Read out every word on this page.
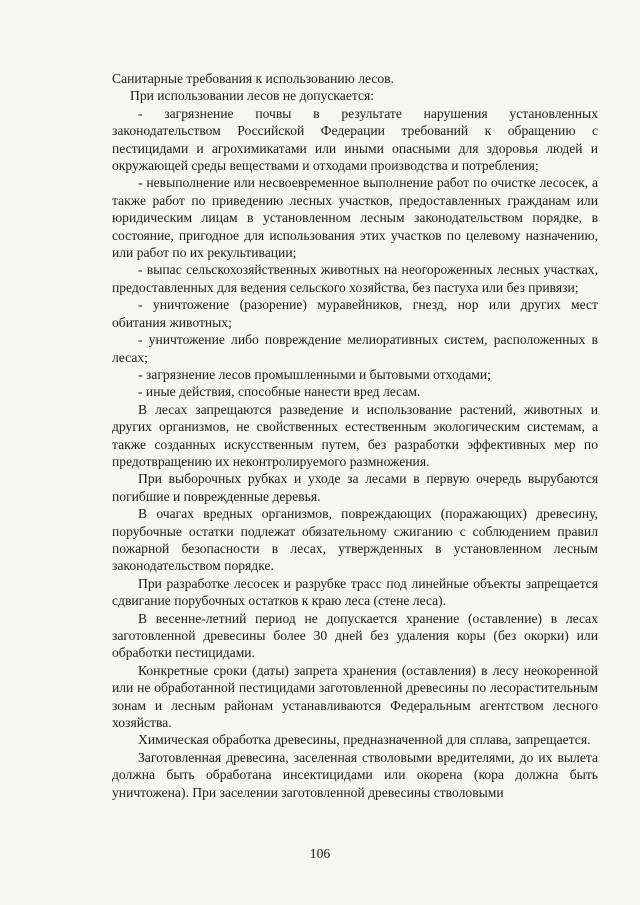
Санитарные требования к использованию лесов.

При использовании лесов не допускается:

- загрязнение почвы в результате нарушения установленных законодательством Российской Федерации требований к обращению с пестицидами и агрохимикатами или иными опасными для здоровья людей и окружающей среды веществами и отходами производства и потребления;

- невыполнение или несвоевременное выполнение работ по очистке лесосек, а также работ по приведению лесных участков, предоставленных гражданам или юридическим лицам в установленном лесным законодательством порядке, в состояние, пригодное для использования этих участков по целевому назначению, или работ по их рекультивации;

- выпас сельскохозяйственных животных на неогороженных лесных участках, предоставленных для ведения сельского хозяйства, без пастуха или без привязи;

- уничтожение (разорение) муравейников, гнезд, нор или других мест обитания животных;

- уничтожение либо повреждение мелиоративных систем, расположенных в лесах;

- загрязнение лесов промышленными и бытовыми отходами;

- иные действия, способные нанести вред лесам.

В лесах запрещаются разведение и использование растений, животных и других организмов, не свойственных естественным экологическим системам, а также созданных искусственным путем, без разработки эффективных мер по предотвращению их неконтролируемого размножения.

При выборочных рубках и уходе за лесами в первую очередь вырубаются погибшие и поврежденные деревья.

В очагах вредных организмов, повреждающих (поражающих) древесину, порубочные остатки подлежат обязательному сжиганию с соблюдением правил пожарной безопасности в лесах, утвержденных в установленном лесным законодательством порядке.

При разработке лесосек и разрубке трасс под линейные объекты запрещается сдвигание порубочных остатков к краю леса (стене леса).

В весенне-летний период не допускается хранение (оставление) в лесах заготовленной древесины более 30 дней без удаления коры (без окорки) или обработки пестицидами.

Конкретные сроки (даты) запрета хранения (оставления) в лесу неокоренной или не обработанной пестицидами заготовленной древесины по лесорастительным зонам и лесным районам устанавливаются Федеральным агентством лесного хозяйства.

Химическая обработка древесины, предназначенной для сплава, запрещается.

Заготовленная древесина, заселенная стволовыми вредителями, до их вылета должна быть обработана инсектицидами или окорена (кора должна быть уничтожена). При заселении заготовленной древесины стволовыми

106
